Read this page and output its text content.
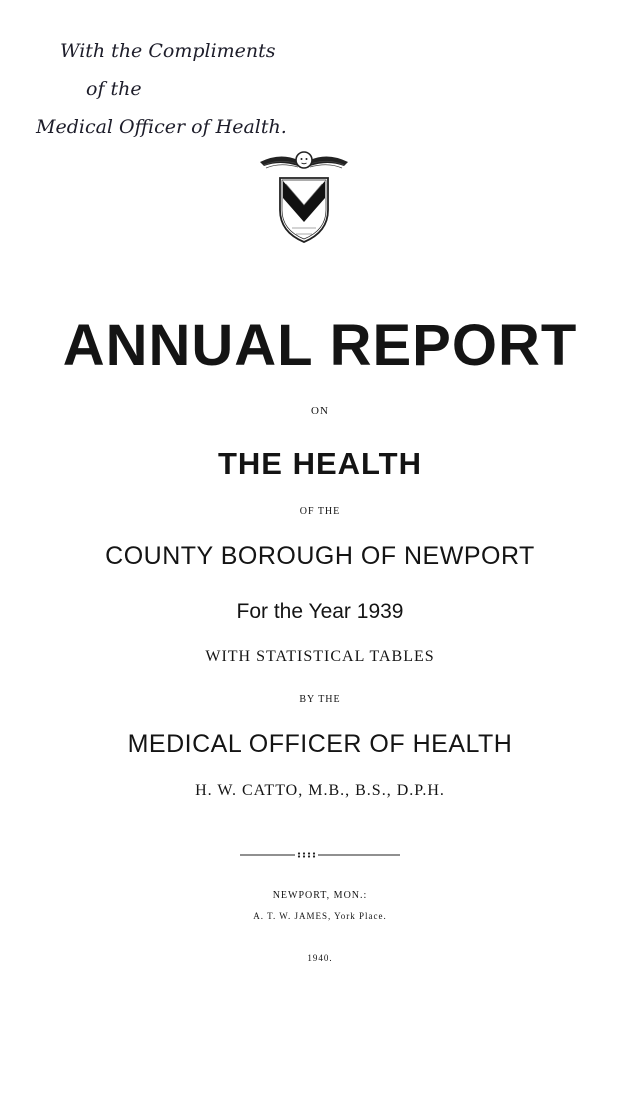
With the Compliments
of the
Medical Officer of Health.
ANNUAL REPORT
ON
THE HEALTH
OF THE
COUNTY BOROUGH OF NEWPORT
For the Year 1939
WITH STATISTICAL TABLES
BY THE
MEDICAL OFFICER OF HEALTH
H. W. CATTO, M.B., B.S., D.P.H.
NEWPORT, MON.:
A. T. W. JAMES, York Place.
1940.
